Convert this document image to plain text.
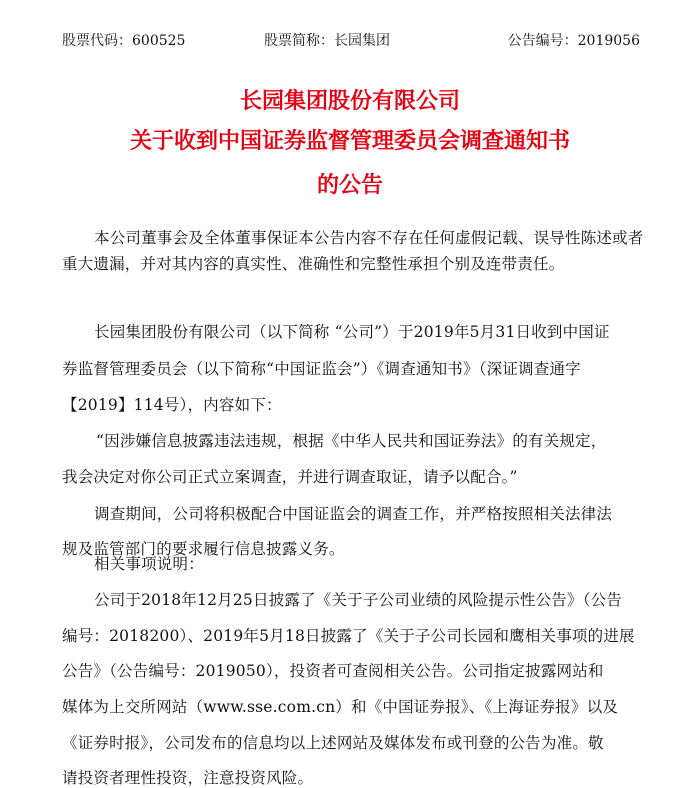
股票代码：600525	股票简称：长园集团	公告编号：2019056
长园集团股份有限公司
关于收到中国证券监督管理委员会调查通知书
的公告
本公司董事会及全体董事保证本公告内容不存在任何虚假记载、误导性陈述或者
重大遗漏，并对其内容的真实性、准确性和完整性承担个别及连带责任。
长园集团股份有限公司（以下简称 “公司”）于2019年5月31日收到中国证
券监督管理委员会（以下简称“中国证监会”）《调查通知书》（深证调查通字
【2019】114号），内容如下：
“因涉嫌信息披露违法违规，根据《中华人民共和国证券法》的有关规定，
我会决定对你公司正式立案调查，并进行调查取证，请予以配合。”
调查期间，公司将积极配合中国证监会的调查工作，并严格按照相关法律法
规及监管部门的要求履行信息披露义务。
相关事项说明：
公司于2018年12月25日披露了《关于子公司业绩的风险提示性公告》（公告
编号：2018200）、2019年5月18日披露了《关于子公司长园和鹰相关事项的进展
公告》（公告编号：2019050），投资者可查阅相关公告。公司指定披露网站和
媒体为上交所网站（www.sse.com.cn）和《中国证券报》、《上海证券报》以及
《证券时报》，公司发布的信息均以上述网站及媒体发布或刊登的公告为准。敬
请投资者理性投资，注意投资风险。
